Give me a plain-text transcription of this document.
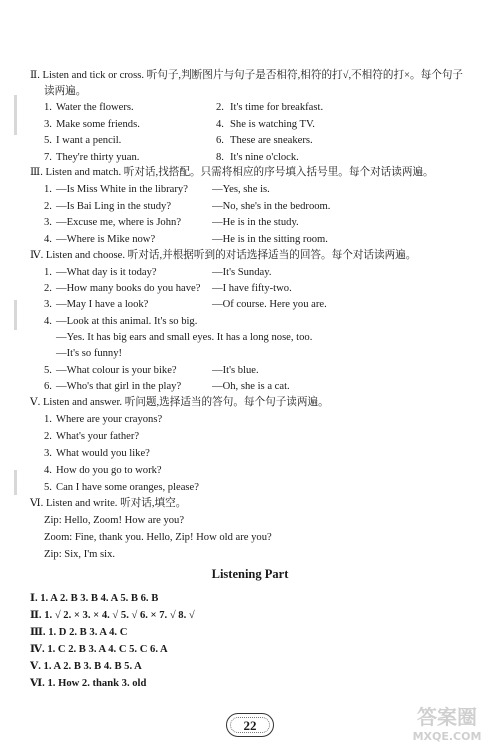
Ⅱ. Listen and tick or cross. 听句子,判断图片与句子是否相符,相符的打√,不相符的打×。每个句子
读两遍。
1. Water the flowers.	2. It's time for breakfast.
3. Make some friends.	4. She is watching TV.
5. I want a pencil.	6. These are sneakers.
7. They're thirty yuan.	8. It's nine o'clock.
Ⅲ. Listen and match. 听对话,找搭配。只需将相应的序号填入括号里。每个对话读两遍。
1. —Is Miss White in the library? —Yes, she is.
2. —Is Bai Ling in the study?	—No, she's in the bedroom.
3. —Excuse me, where is John?	—He is in the study.
4. —Where is Mike now?	—He is in the sitting room.
Ⅳ. Listen and choose. 听对话,并根据听到的对话选择适当的回答。每个对话读两遍。
1. —What day is it today?	—It's Sunday.
2. —How many books do you have? —I have fifty-two.
3. —May I have a look?	—Of course. Here you are.
4. —Look at this animal. It's so big.
—Yes. It has big ears and small eyes. It has a long nose, too.
—It's so funny!
5. —What colour is your bike?	—It's blue.
6. —Who's that girl in the play?	—Oh, she is a cat.
Ⅴ. Listen and answer. 听问题,选择适当的答句。每个句子读两遍。
1. Where are your crayons?
2. What's your father?
3. What would you like?
4. How do you go to work?
5. Can I have some oranges, please?
Ⅵ. Listen and write. 听对话,填空。
Zip: Hello, Zoom! How are you?
Zoom: Fine, thank you. Hello, Zip! How old are you?
Zip: Six, I'm six.
Listening Part
Ⅰ. 1. A 2. B 3. B 4. A 5. B 6. B
Ⅱ. 1. √ 2. × 3. × 4. √ 5. √ 6. × 7. √ 8. √
Ⅲ. 1. D 2. B 3. A 4. C
Ⅳ. 1. C 2. B 3. A 4. C 5. C 6. A
Ⅴ. 1. A 2. B 3. B 4. B 5. A
Ⅵ. 1. How 2. thank 3. old
22	答案圈
MXQE.COM
